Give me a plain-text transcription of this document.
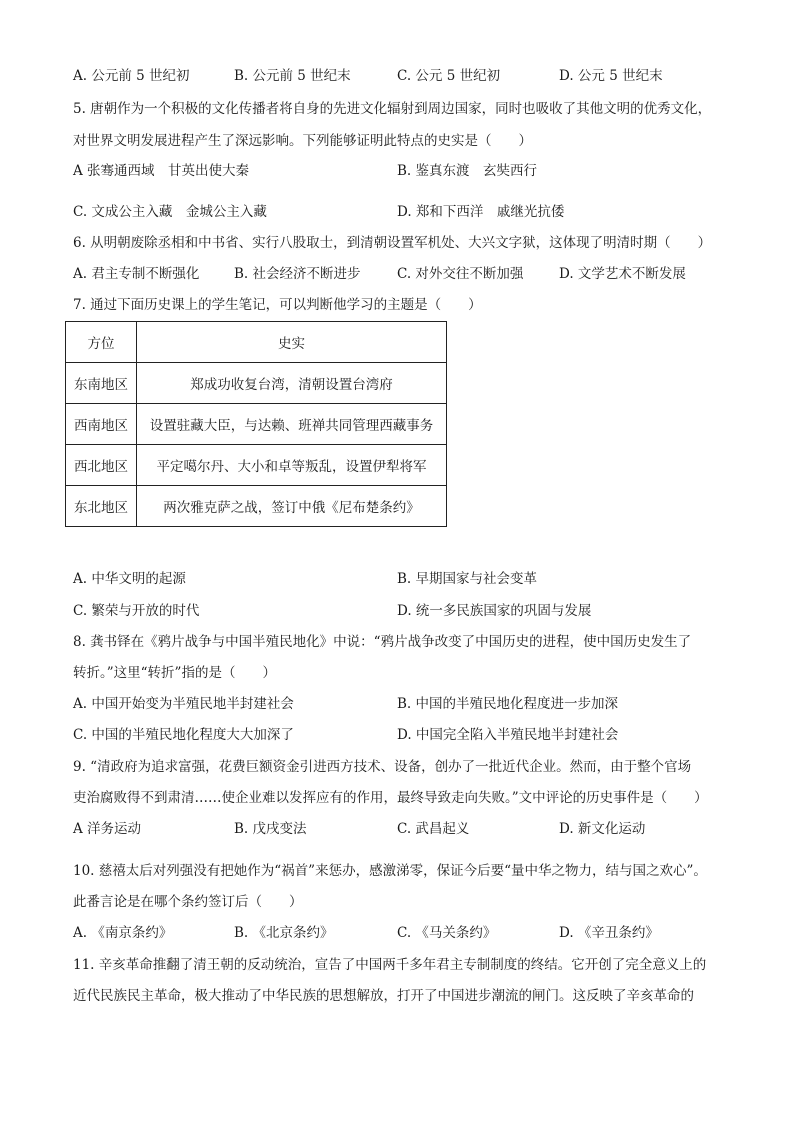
A. 公元前 5 世纪初	B. 公元前 5 世纪末	C. 公元 5 世纪初	D. 公元 5 世纪末
5. 唐朝作为一个积极的文化传播者将自身的先进文化辐射到周边国家，同时也吸收了其他文明的优秀文化，
对世界文明发展进程产生了深远影响。下列能够证明此特点的史实是（　　）
A 张骞通西域　甘英出使大秦	B. 鉴真东渡　玄奘西行
C. 文成公主入藏　金城公主入藏	D. 郑和下西洋　戚继光抗倭
6. 从明朝废除丞相和中书省、实行八股取士，到清朝设置军机处、大兴文字狱，这体现了明清时期（　　）
A. 君主专制不断强化	B. 社会经济不断进步	C. 对外交往不断加强	D. 文学艺术不断发展
7. 通过下面历史课上的学生笔记，可以判断他学习的主题是（　　）
方位	史实
东南地区	郑成功收复台湾，清朝设置台湾府
西南地区	设置驻藏大臣，与达赖、班禅共同管理西藏事务
西北地区	平定噶尔丹、大小和卓等叛乱，设置伊犁将军
东北地区	两次雅克萨之战，签订中俄《尼布楚条约》
A. 中华文明的起源	B. 早期国家与社会变革
C. 繁荣与开放的时代	D. 统一多民族国家的巩固与发展
8. 龚书铎在《鸦片战争与中国半殖民地化》中说：“鸦片战争改变了中国历史的进程，使中国历史发生了
转折。”这里“转折”指的是（　　）
A. 中国开始变为半殖民地半封建社会	B. 中国的半殖民地化程度进一步加深
C. 中国的半殖民地化程度大大加深了	D. 中国完全陷入半殖民地半封建社会
9. “清政府为追求富强，花费巨额资金引进西方技术、设备，创办了一批近代企业。然而，由于整个官场
吏治腐败得不到肃清……使企业难以发挥应有的作用，最终导致走向失败。”文中评论的历史事件是（　　）
A 洋务运动	B. 戊戌变法	C. 武昌起义	D. 新文化运动
10. 慈禧太后对列强没有把她作为“祸首”来惩办，感激涕零，保证今后要“量中华之物力，结与国之欢心”。
此番言论是在哪个条约签订后（　　）
A. 《南京条约》	B. 《北京条约》	C. 《马关条约》	D. 《辛丑条约》
11. 辛亥革命推翻了清王朝的反动统治，宣告了中国两千多年君主专制制度的终结。它开创了完全意义上的
近代民族民主革命，极大推动了中华民族的思想解放，打开了中国进步潮流的闸门。这反映了辛亥革命的
